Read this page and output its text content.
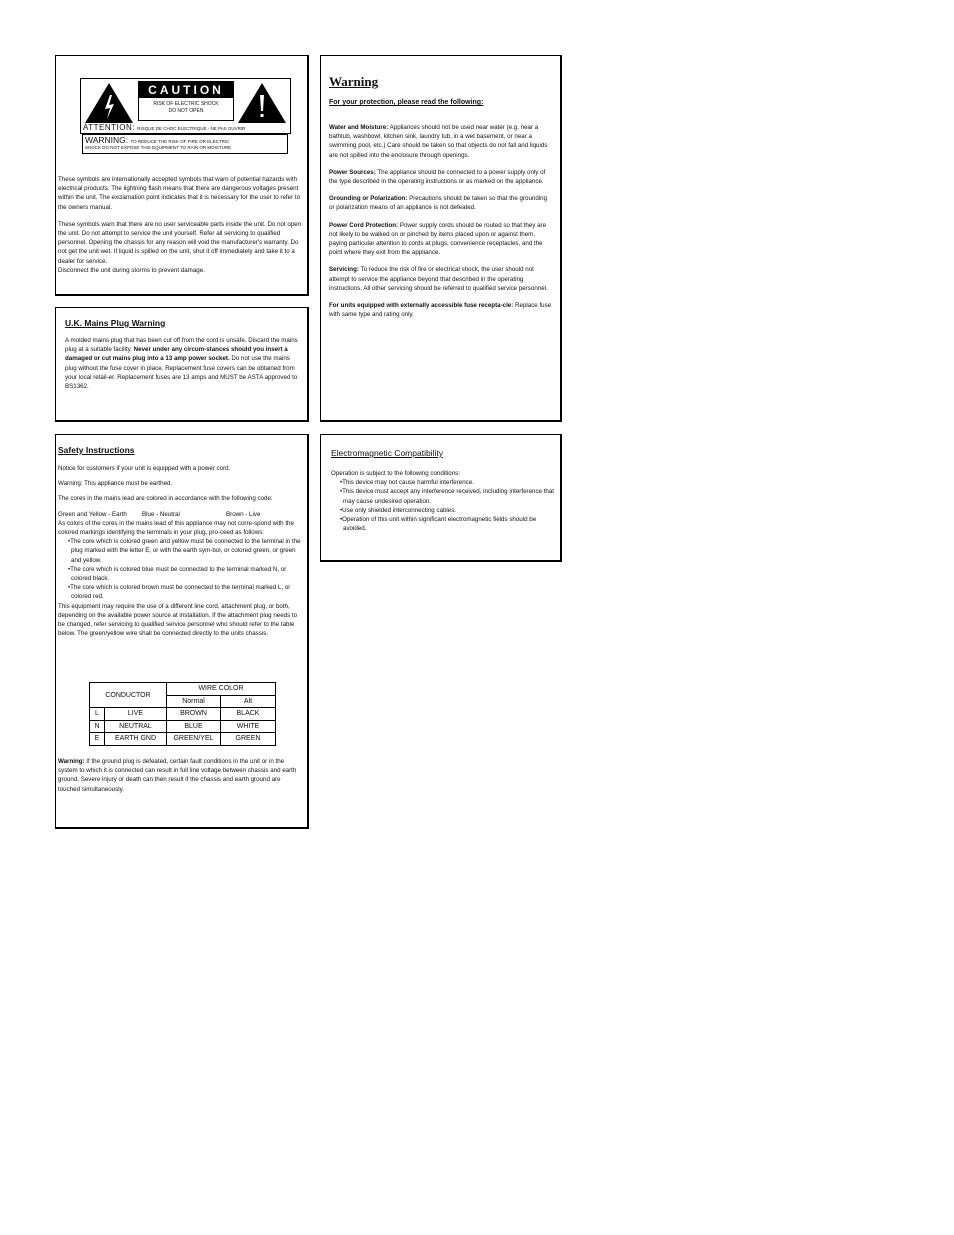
CAUTION
RISK OF ELECTRIC SHOCK
DO NOT OPEN
ATTENTION: RISQUE DE CHOC ELECTRIQUE - NE PAS OUVRIR
WARNING: TO REDUCE THE RISK OF FIRE OR ELECTRIC
SHOCK DO NOT EXPOSE THIS EQUIPMENT TO RAIN OR MOISTURE

These symbols are internationally accepted symbols that warn of potential hazards with electrical products. The lightning flash means that there are dangerous voltages present within the unit. The exclamation point indicates that it is necessary for the user to refer to the owners manual.

These symbols warn that there are no user serviceable parts inside the unit. Do not open the unit. Do not attempt to service the unit yourself. Refer all servicing to qualified personnel. Opening the chassis for any reason will void the manufacturer's warranty. Do not get the unit wet. If liquid is spilled on the unit, shut it off immediately and take it to a dealer for service.

Disconnect the unit during storms to prevent damage.

Warning
For your protection, please read the following:

Water and Moisture: Appliances should not be used near water (e.g. near a bathtub, washbowl, kitchen sink, laundry tub, in a wet basement, or near a swimming pool, etc.) Care should be taken so that objects do not fall and liquids are not spilled into the enclosure through openings.

Power Sources: The appliance should be connected to a power supply only of the type described in the operating instructions or as marked on the appliance.

Grounding or Polarization: Precautions should be taken so that the grounding or polarization means of an appliance is not defeated.

Power Cord Protection: Power supply cords should be routed so that they are not likely to be walked on or pinched by items placed upon or against them, paying particular attention to cords at plugs, convenience receptacles, and the point where they exit from the appliance.

Servicing: To reduce the risk of fire or electrical shock, the user should not attempt to service the appliance beyond that described in the operating instructions. All other servicing should be referred to qualified service personnel.

For units equipped with externally accessible fuse recepta-cle: Replace fuse with same type and rating only.

U.K. Mains Plug Warning

A molded mains plug that has been cut off from the cord is unsafe. Discard the mains plug at a suitable facility. Never under any circum-stances should you insert a damaged or cut mains plug into a 13 amp power socket. Do not use the mains plug without the fuse cover in place. Replacement fuse covers can be obtained from your local retail-er. Replacement fuses are 13 amps and MUST be ASTA approved to BS1362.

Safety Instructions

Notice for customers if your unit is equipped with a power cord.

Warning: This appliance must be earthed.

The cores in the mains lead are colored in accordance with the following code:

Green and Yellow - Earth Blue - Neutral	Brown - Live

As colors of the cores in the mains lead of this appliance may not corre-spond with the colored markings identifying the terminals in your plug, pro-ceed as follows:

•The core which is colored green and yellow must be connected to the terminal in the plug marked with the letter E, or with the earth sym-bol, or colored green, or green and yellow.
•The core which is colored blue must be connected to the terminal marked N, or colored black.
•The core which is colored brown must be connected to the terminal marked L, or colored red.

This equipment may require the use of a different line cord, attachment plug, or both, depending on the available power source at installation. If the attachment plug needs to be changed, refer servicing to qualified service personnel who should refer to the table below. The green/yellow wire shall be connected directly to the units chassis.

CONDUCTOR		WIRE COLOR	
		Normal	Alt
L	LIVE	BROWN	BLACK
N	NEUTRAL	BLUE	WHITE
E	EARTH GND	GREEN/YEL	GREEN

Warning: If the ground plug is defeated, certain fault conditions in the unit or in the system to which it is connected can result in full line voltage between chassis and earth ground. Severe injury or death can then result if the chassis and earth ground are touched simultaneously.

Electromagnetic Compatibility
Operation is subject to the following conditions:
•This device may not cause harmful interference.
•This device must accept any interference received, including interference that may cause undesired operation.
•Use only shielded interconnecting cables.
•Operation of this unit within significant electromagnetic fields should be avoided.
